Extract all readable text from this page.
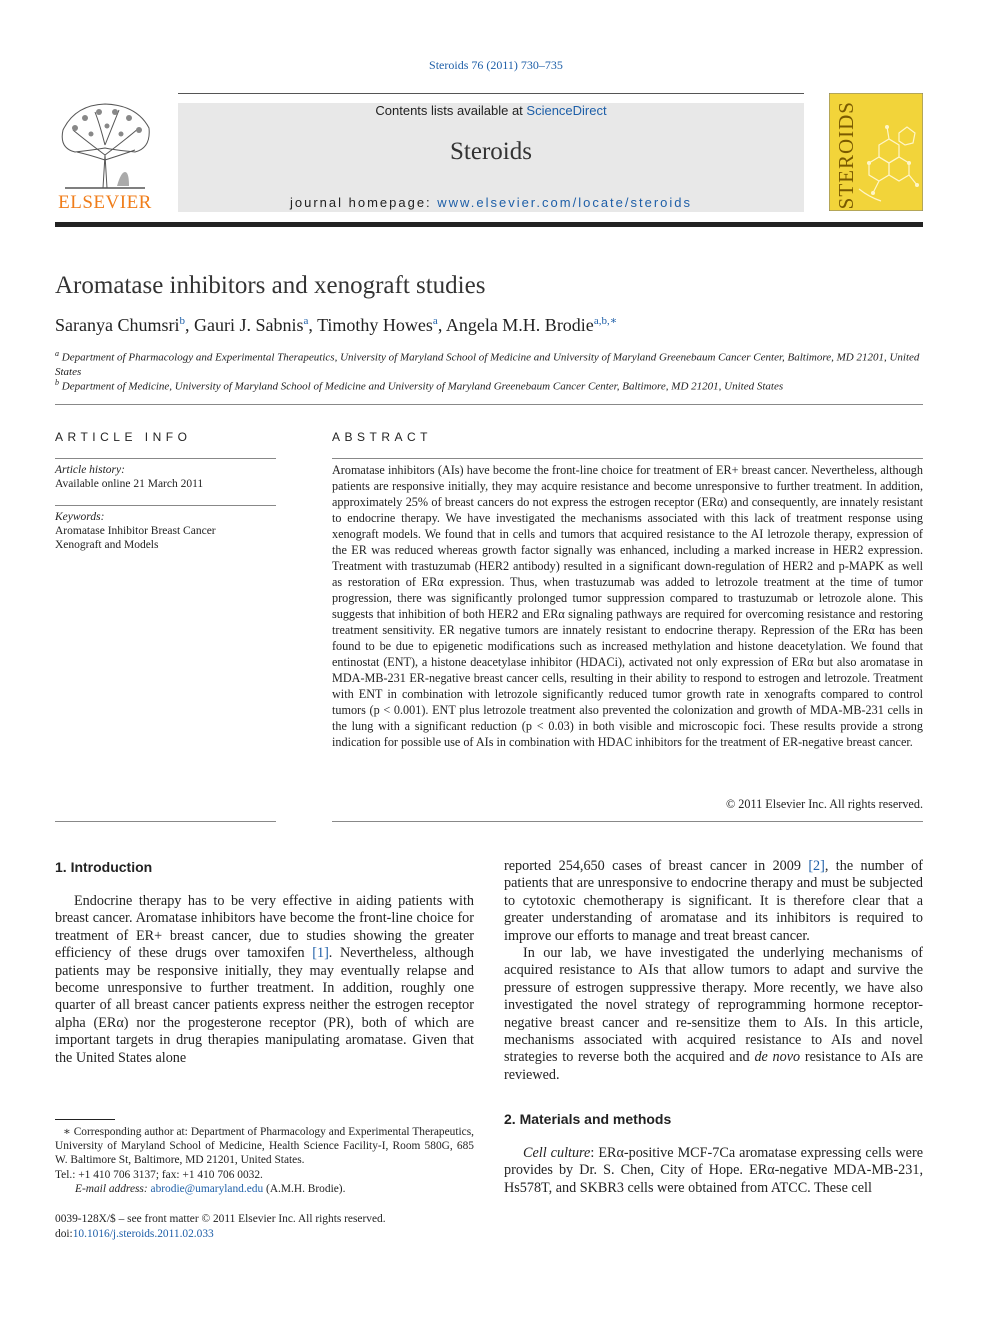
Steroids 76 (2011) 730–735
ELSEVIER
Contents lists available at ScienceDirect
Steroids
journal homepage: www.elsevier.com/locate/steroids	STEROIDS
Aromatase inhibitors and xenograft studies
Saranya Chumsri$^b$, Gauri J. Sabnis$^a$, Timothy Howes$^a$, Angela M.H. Brodie$^{a,b,∗}$
$^a$ Department of Pharmacology and Experimental Therapeutics, University of Maryland School of Medicine and University of Maryland Greenebaum Cancer Center, Baltimore, MD 21201, United States
$^b$ Department of Medicine, University of Maryland School of Medicine and University of Maryland Greenebaum Cancer Center, Baltimore, MD 21201, United States
ARTICLE INFO
Article history:
Available online 21 March 2011
Keywords:
Aromatase Inhibitor Breast Cancer
Xenograft and Models
ABSTRACT
Aromatase inhibitors (AIs) have become the front-line choice for treatment of ER+ breast cancer. Nevertheless, although patients are responsive initially, they may acquire resistance and become unresponsive to further treatment. In addition, approximately 25% of breast cancers do not express the estrogen receptor (ERα) and consequently, are innately resistant to endocrine therapy. We have investigated the mechanisms associated with this lack of treatment response using xenograft models. We found that in cells and tumors that acquired resistance to the AI letrozole therapy, expression of the ER was reduced whereas growth factor signally was enhanced, including a marked increase in HER2 expression. Treatment with trastuzumab (HER2 antibody) resulted in a significant down-regulation of HER2 and p-MAPK as well as restoration of ERα expression. Thus, when trastuzumab was added to letrozole treatment at the time of tumor progression, there was significantly prolonged tumor suppression compared to trastuzumab or letrozole alone. This suggests that inhibition of both HER2 and ERα signaling pathways are required for overcoming resistance and restoring treatment sensitivity. ER negative tumors are innately resistant to endocrine therapy. Repression of the ERα has been found to be due to epigenetic modifications such as increased methylation and histone deacetylation. We found that entinostat (ENT), a histone deacetylase inhibitor (HDACi), activated not only expression of ERα but also aromatase in MDA-MB-231 ER-negative breast cancer cells, resulting in their ability to respond to estrogen and letrozole. Treatment with ENT in combination with letrozole significantly reduced tumor growth rate in xenografts compared to control tumors (p < 0.001). ENT plus letrozole treatment also prevented the colonization and growth of MDA-MB-231 cells in the lung with a significant reduction (p < 0.03) in both visible and microscopic foci. These results provide a strong indication for possible use of AIs in combination with HDAC inhibitors for the treatment of ER-negative breast cancer.
© 2011 Elsevier Inc. All rights reserved.
1. Introduction

Endocrine therapy has to be very effective in aiding patients with breast cancer. Aromatase inhibitors have become the front-line choice for treatment of ER+ breast cancer, due to studies showing the greater efficiency of these drugs over tamoxifen [1]. Nevertheless, although patients may be responsive initially, they may eventually relapse and become unresponsive to further treatment. In addition, roughly one quarter of all breast cancer patients express neither the estrogen receptor alpha (ERα) nor the progesterone receptor (PR), both of which are important targets in drug therapies manipulating aromatase. Given that the United States alone

∗ Corresponding author at: Department of Pharmacology and Experimental Therapeutics, University of Maryland School of Medicine, Health Science Facility-I, Room 580G, 685 W. Baltimore St, Baltimore, MD 21201, United States.

Tel.: +1 410 706 3137; fax: +1 410 706 0032.

E-mail address: abrodie@umaryland.edu (A.M.H. Brodie).

0039-128X/$ – see front matter © 2011 Elsevier Inc. All rights reserved.
doi:10.1016/j.steroids.2011.02.033

reported 254,650 cases of breast cancer in 2009 [2], the number of patients that are unresponsive to endocrine therapy and must be subjected to cytotoxic chemotherapy is significant. It is therefore clear that a greater understanding of aromatase and its inhibitors is required to improve our efforts to manage and treat breast cancer.

In our lab, we have investigated the underlying mechanisms of acquired resistance to AIs that allow tumors to adapt and survive the pressure of estrogen suppressive therapy. More recently, we have also investigated the novel strategy of reprogramming hormone receptor-negative breast cancer and re-sensitize them to AIs. In this article, mechanisms associated with acquired resistance to AIs and novel strategies to reverse both the acquired and de novo resistance to AIs are reviewed.

2. Materials and methods

Cell culture: ERα-positive MCF-7Ca aromatase expressing cells were provides by Dr. S. Chen, City of Hope. ERα-negative MDA-MB-231, Hs578T, and SKBR3 cells were obtained from ATCC. These cell
